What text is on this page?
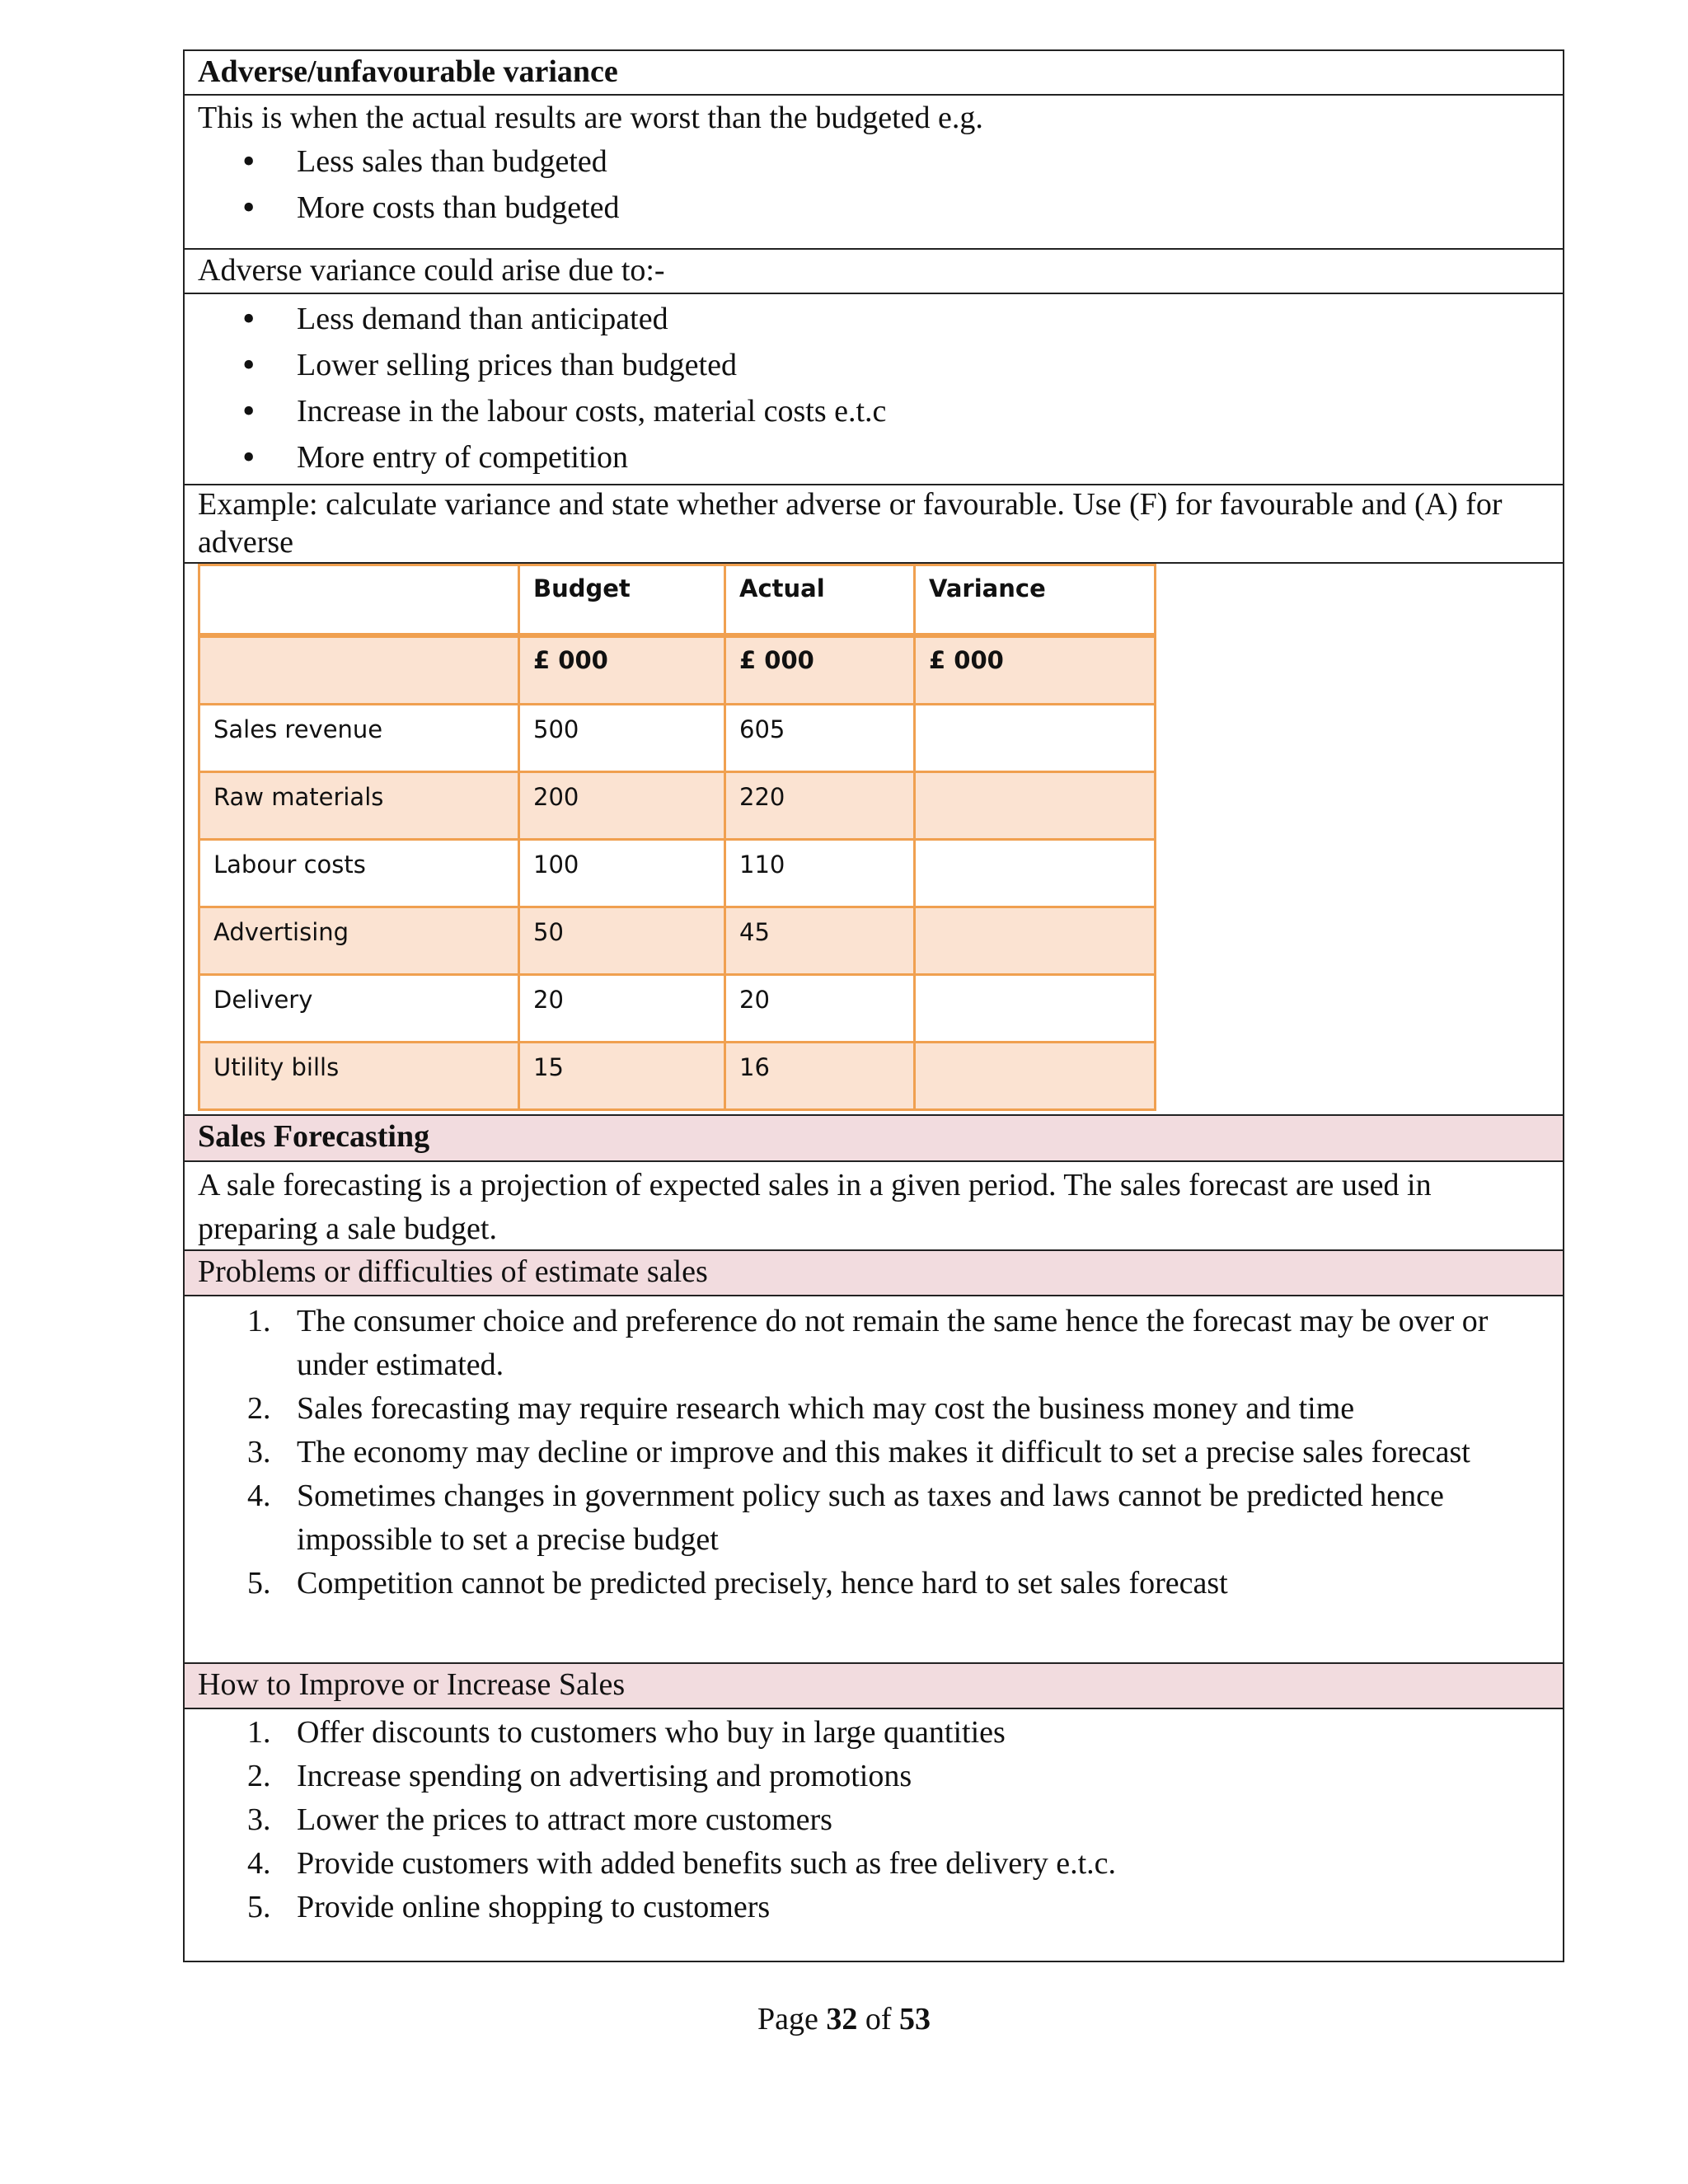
Adverse/unfavourable variance
This is when the actual results are worst than the budgeted e.g.
• Less sales than budgeted
• More costs than budgeted
Adverse variance could arise due to:-
• Less demand than anticipated
• Lower selling prices than budgeted
• Increase in the labour costs, material costs e.t.c
• More entry of competition
Example: calculate variance and state whether adverse or favourable. Use (F) for favourable and (A) for adverse
	Budget	Actual	Variance
	£ 000	£ 000	£ 000
Sales revenue	500	605	
Raw materials	200	220	
Labour costs	100	110	
Advertising	50	45	
Delivery	20	20	
Utility bills	15	16	
Sales Forecasting
A sale forecasting is a projection of expected sales in a given period. The sales forecast are used in preparing a sale budget.
Problems or difficulties of estimate sales
1. The consumer choice and preference do not remain the same hence the forecast may be over or under estimated.
2. Sales forecasting may require research which may cost the business money and time
3. The economy may decline or improve and this makes it difficult to set a precise sales forecast
4. Sometimes changes in government policy such as taxes and laws cannot be predicted hence impossible to set a precise budget
5. Competition cannot be predicted precisely, hence hard to set sales forecast
How to Improve or Increase Sales
1. Offer discounts to customers who buy in large quantities
2. Increase spending on advertising and promotions
3. Lower the prices to attract more customers
4. Provide customers with added benefits such as free delivery e.t.c.
5. Provide online shopping to customers
Page 32 of 53
